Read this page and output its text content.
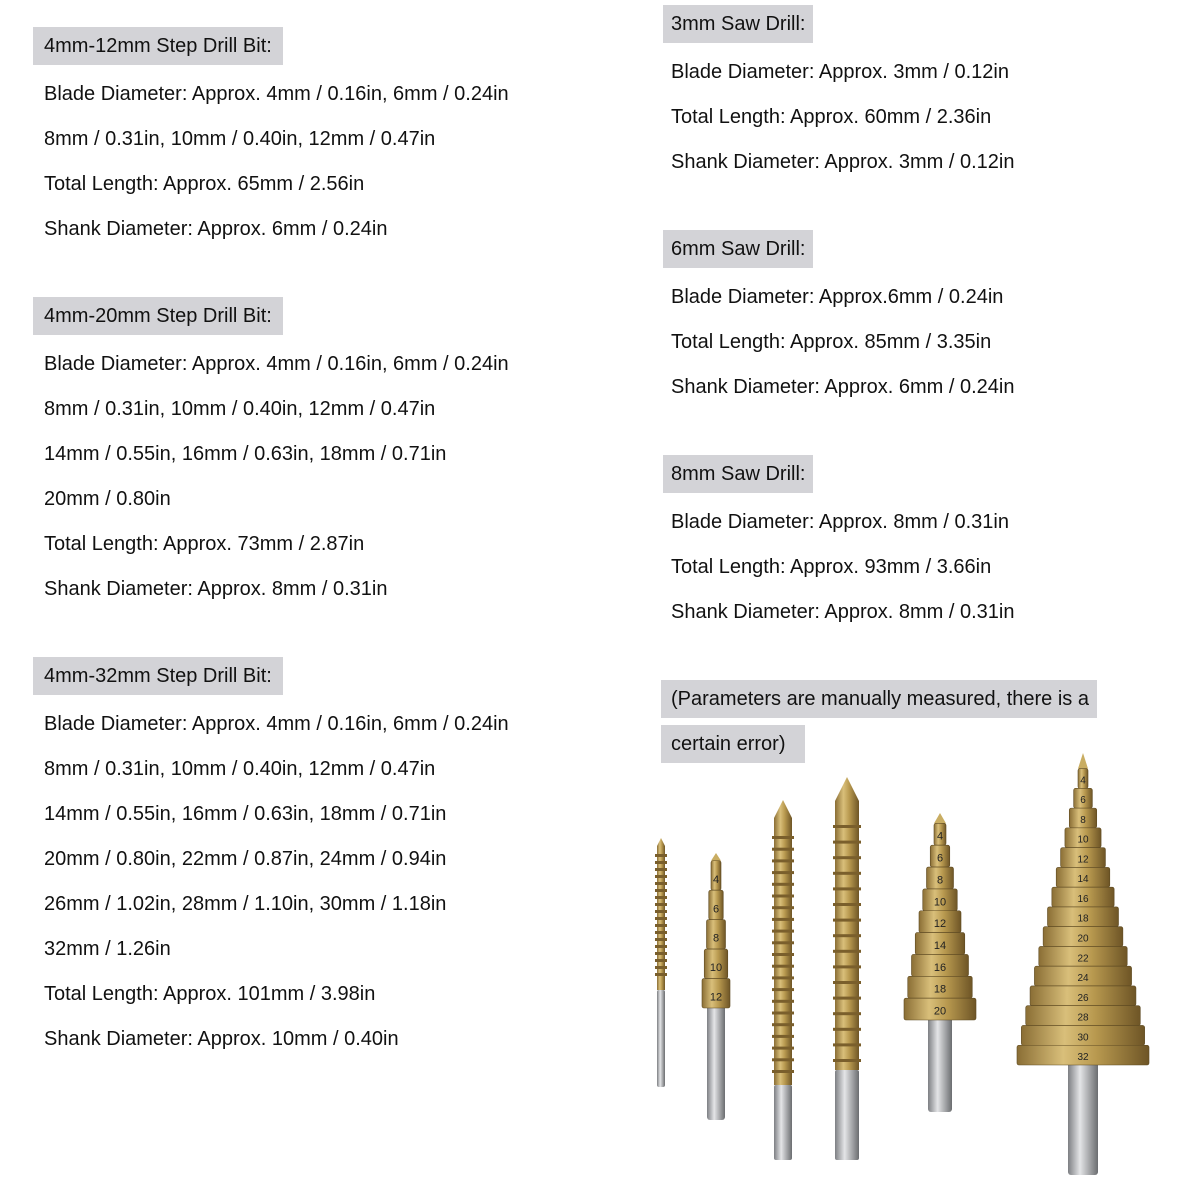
4mm-12mm Step Drill Bit:
Blade Diameter: Approx. 4mm / 0.16in, 6mm / 0.24in
8mm / 0.31in, 10mm / 0.40in, 12mm / 0.47in
Total Length: Approx. 65mm / 2.56in
Shank Diameter: Approx. 6mm / 0.24in
4mm-20mm Step Drill Bit:
Blade Diameter: Approx. 4mm / 0.16in, 6mm / 0.24in
8mm / 0.31in, 10mm / 0.40in, 12mm / 0.47in
14mm / 0.55in, 16mm / 0.63in, 18mm / 0.71in
20mm / 0.80in
Total Length: Approx. 73mm / 2.87in
Shank Diameter: Approx. 8mm / 0.31in
4mm-32mm Step Drill Bit:
Blade Diameter: Approx. 4mm / 0.16in, 6mm / 0.24in
8mm / 0.31in, 10mm / 0.40in, 12mm / 0.47in
14mm / 0.55in, 16mm / 0.63in, 18mm / 0.71in
20mm / 0.80in, 22mm / 0.87in, 24mm / 0.94in
26mm / 1.02in, 28mm / 1.10in, 30mm / 1.18in
32mm / 1.26in
Total Length: Approx. 101mm / 3.98in
Shank Diameter: Approx. 10mm / 0.40in
3mm Saw Drill:
Blade Diameter: Approx. 3mm / 0.12in
Total Length: Approx. 60mm / 2.36in
Shank Diameter: Approx. 3mm / 0.12in
6mm Saw Drill:
Blade Diameter: Approx.6mm / 0.24in
Total Length: Approx. 85mm / 3.35in
Shank Diameter: Approx. 6mm / 0.24in
8mm Saw Drill:
Blade Diameter: Approx. 8mm / 0.31in
Total Length: Approx. 93mm / 3.66in
Shank Diameter: Approx. 8mm / 0.31in
(Parameters are manually measured, there is a
certain error)
4
6
8
10
12
4
6
8
10
12
14
16
18
20
4
6
8
10
12
14
16
18
20
22
24
26
28
30
32
